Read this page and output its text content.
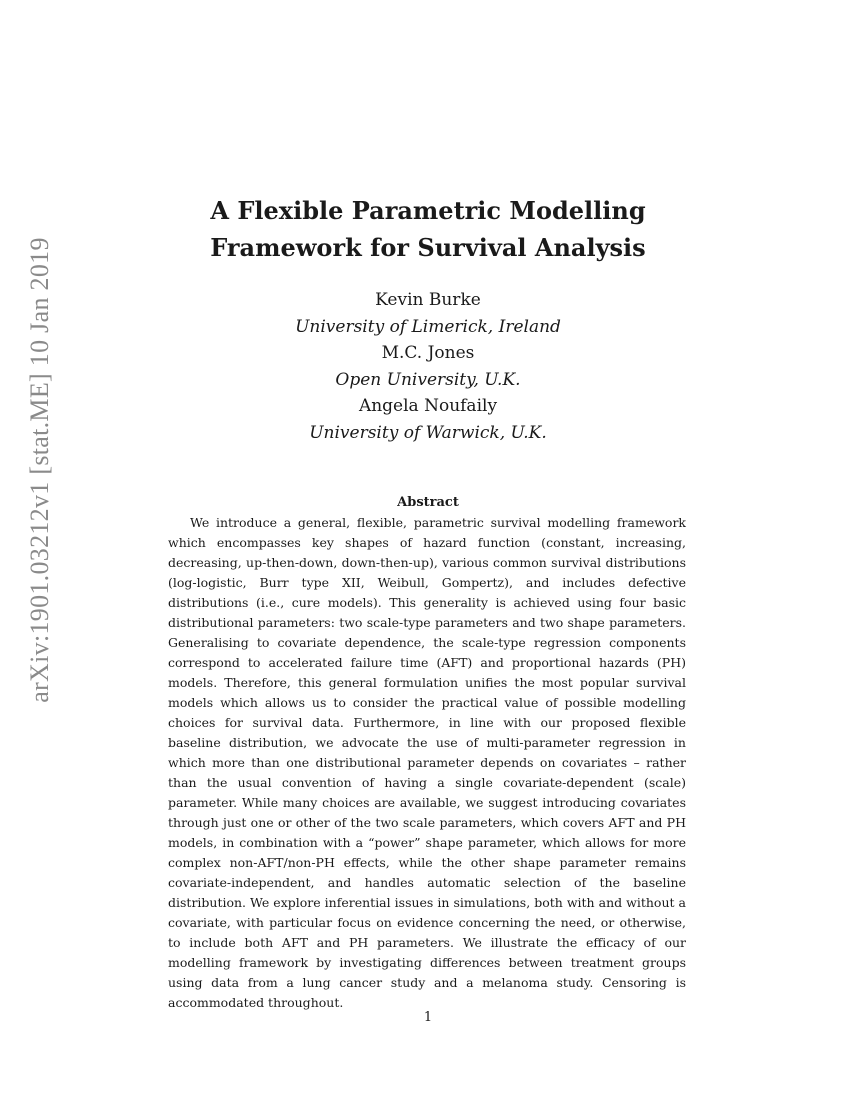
arXiv:1901.03212v1 [stat.ME] 10 Jan 2019
A Flexible Parametric Modelling
Framework for Survival Analysis
Kevin Burke
University of Limerick, Ireland
M.C. Jones
Open University, U.K.
Angela Noufaily
University of Warwick, U.K.
Abstract

We introduce a general, flexible, parametric survival modelling framework which encompasses key shapes of hazard function (constant, increasing, decreasing, up-then-down, down-then-up), various common survival distributions (log-logistic, Burr type XII, Weibull, Gompertz), and includes defective distributions (i.e., cure models). This generality is achieved using four basic distributional parameters: two scale-type parameters and two shape parameters. Generalising to covariate dependence, the scale-type regression components correspond to accelerated failure time (AFT) and proportional hazards (PH) models. Therefore, this general formulation unifies the most popular survival models which allows us to consider the practical value of possible modelling choices for survival data. Furthermore, in line with our proposed flexible baseline distribution, we advocate the use of multi-parameter regression in which more than one distributional parameter depends on covariates – rather than the usual convention of having a single covariate-dependent (scale) parameter. While many choices are available, we suggest introducing covariates through just one or other of the two scale parameters, which covers AFT and PH models, in combination with a “power” shape parameter, which allows for more complex non-AFT/non-PH effects, while the other shape parameter remains covariate-independent, and handles automatic selection of the baseline distribution. We explore inferential issues in simulations, both with and without a covariate, with particular focus on evidence concerning the need, or otherwise, to include both AFT and PH parameters. We illustrate the efficacy of our modelling framework by investigating differences between treatment groups using data from a lung cancer study and a melanoma study. Censoring is accommodated throughout.

1
